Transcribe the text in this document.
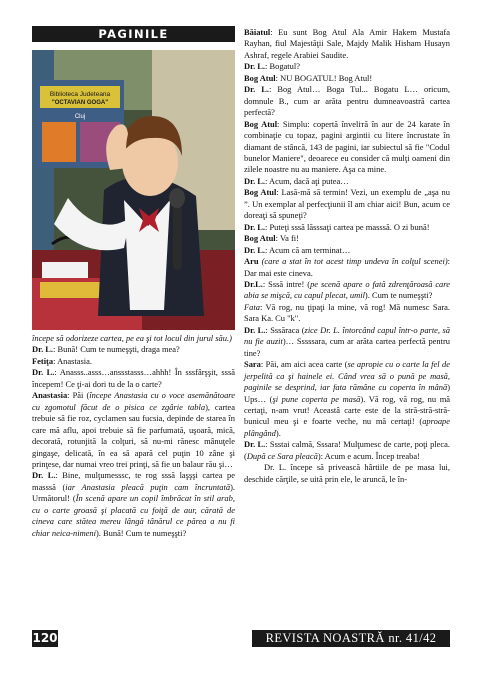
PAGINILE
Biblioteca Judeteana
"OCTAVIAN GOGA"
Cluj

începe să odorizeze cartea, pe ea şi tot locul din jurul său.)

Dr. L.: Bună! Cum te numeşşti, draga mea?

Fetiţa: Anastasia.

Dr. L.: Anasss..asss…anssstasss…ahhh! În sssfârşşit, sssă începem! Ce ţi-ai dori tu de la o carte?

Anastasia: Păi (începe Anastasia cu o voce asemănătoare cu zgomotul făcut de o pisica ce zgârie tabla), cartea trebuie să fie roz, cyclamen sau fucsia, depinde de starea în care mă aflu, apoi trebuie să fie parfumată, uşoară, mică, decorată, rotunjită la colţuri, să nu-mi rănesc mânuţele gingaşe, delicată, în ea să apară cel puţin 10 zâne şi prinţese, dar numai vreo trei prinţi, să fie un balaur rău şi…

Dr. L.: Bine, mulţumesssc, te rog sssă laşşşi cartea pe masssă (iar Anastasia pleacă puţin cam încruntată). Următorul! (În scenă apare un copil îmbrăcat în stil arab, cu o carte groasă şi placată cu foiţă de aur, cărată de cineva care stătea mereu lângă tânărul ce părea a nu fi chiar neica-nimeni). Bună! Cum te numeşşti?

Băiatul: Eu sunt Bog Atul Ala Amir Hakem Mustafa Rayhan, fiul Majestăţii Sale, Majdy Malik Hisham Husayn Ashraf, regele Arabiei Saudite.

Dr. L.: Bogatul?

Bog Atul: NU BOGATUL! Bog Atul!

Dr. L.: Bog Atul… Boga Tul... Bogatu L… oricum, domnule B., cum ar arăta pentru dumneavoastră cartea perfectă?

Bog Atul: Simplu: copertă înveliтă în aur de 24 karate în combinaţie cu topaz, pagini argintii cu litere încrustate în diamant de stâncă, 143 de pagini, iar subiectul să fie "Codul bunelor Maniere", deoarece eu consider că mulţi oameni din zilele noastre nu au maniere. Aşa ca mine.

Dr. L.: Acum, dacă aţi putea…

Bog Atul: Lasă-mă să termin! Vezi, un exemplu de „aşa nu ”. Un exemplar al perfecţiunii îl am chiar aici! Bun, acum ce doreaţi să spuneţi?

Dr. L.: Puteţi sssă lăsssaţi cartea pe masssă. O zi bună!

Bog Atul: Va fi!

Dr. L.: Acum că am terminat…

Aru (care a stat în tot acest timp undeva în colţul scenei): Dar mai este cineva.

Dr.L.: Sssă intre! (pe scenă apare o fată zdrenţăroasă care abia se mişcă, cu capul plecat, umil). Cum te numeşşti?

Fata: Vă rog, nu ţipaţi la mine, vă rog! Mă numesc Sara. Sara Ka. Cu "k".

Dr. L.: Sssăraca (zice Dr. L. întorcând capul într-o parte, să nu fie auzit)… Sssssara, cum ar arăta cartea perfectă pentru tine?

Sara: Păi, am aici acea carte (se apropie cu o carte la fel de jerpelită ca şi hainele ei. Când vrea să o pună pe masă, paginile se desprind, iar fata rămâne cu coperta în mână) Ups… (şi pune coperta pe masă). Vă rog, vă rog, nu mă certaţi, n-am vrut! Aceastâ carte este de la stră-stră-stră-bunicul meu şi e foarte veche, nu mă certaţi! (aproape plângând).

Dr. L.: Ssstai calmă, Sssara! Mulţumesc de carte, poţi pleca. (După ce Sara pleacă): Acum e acum. Încep treaba!

Dr. L. începe să privească hârtiile de pe masa lui, deschide cărţile, se uită prin ele, le aruncă, le în-

120	REVISTA NOASTRĂ nr. 41/42
